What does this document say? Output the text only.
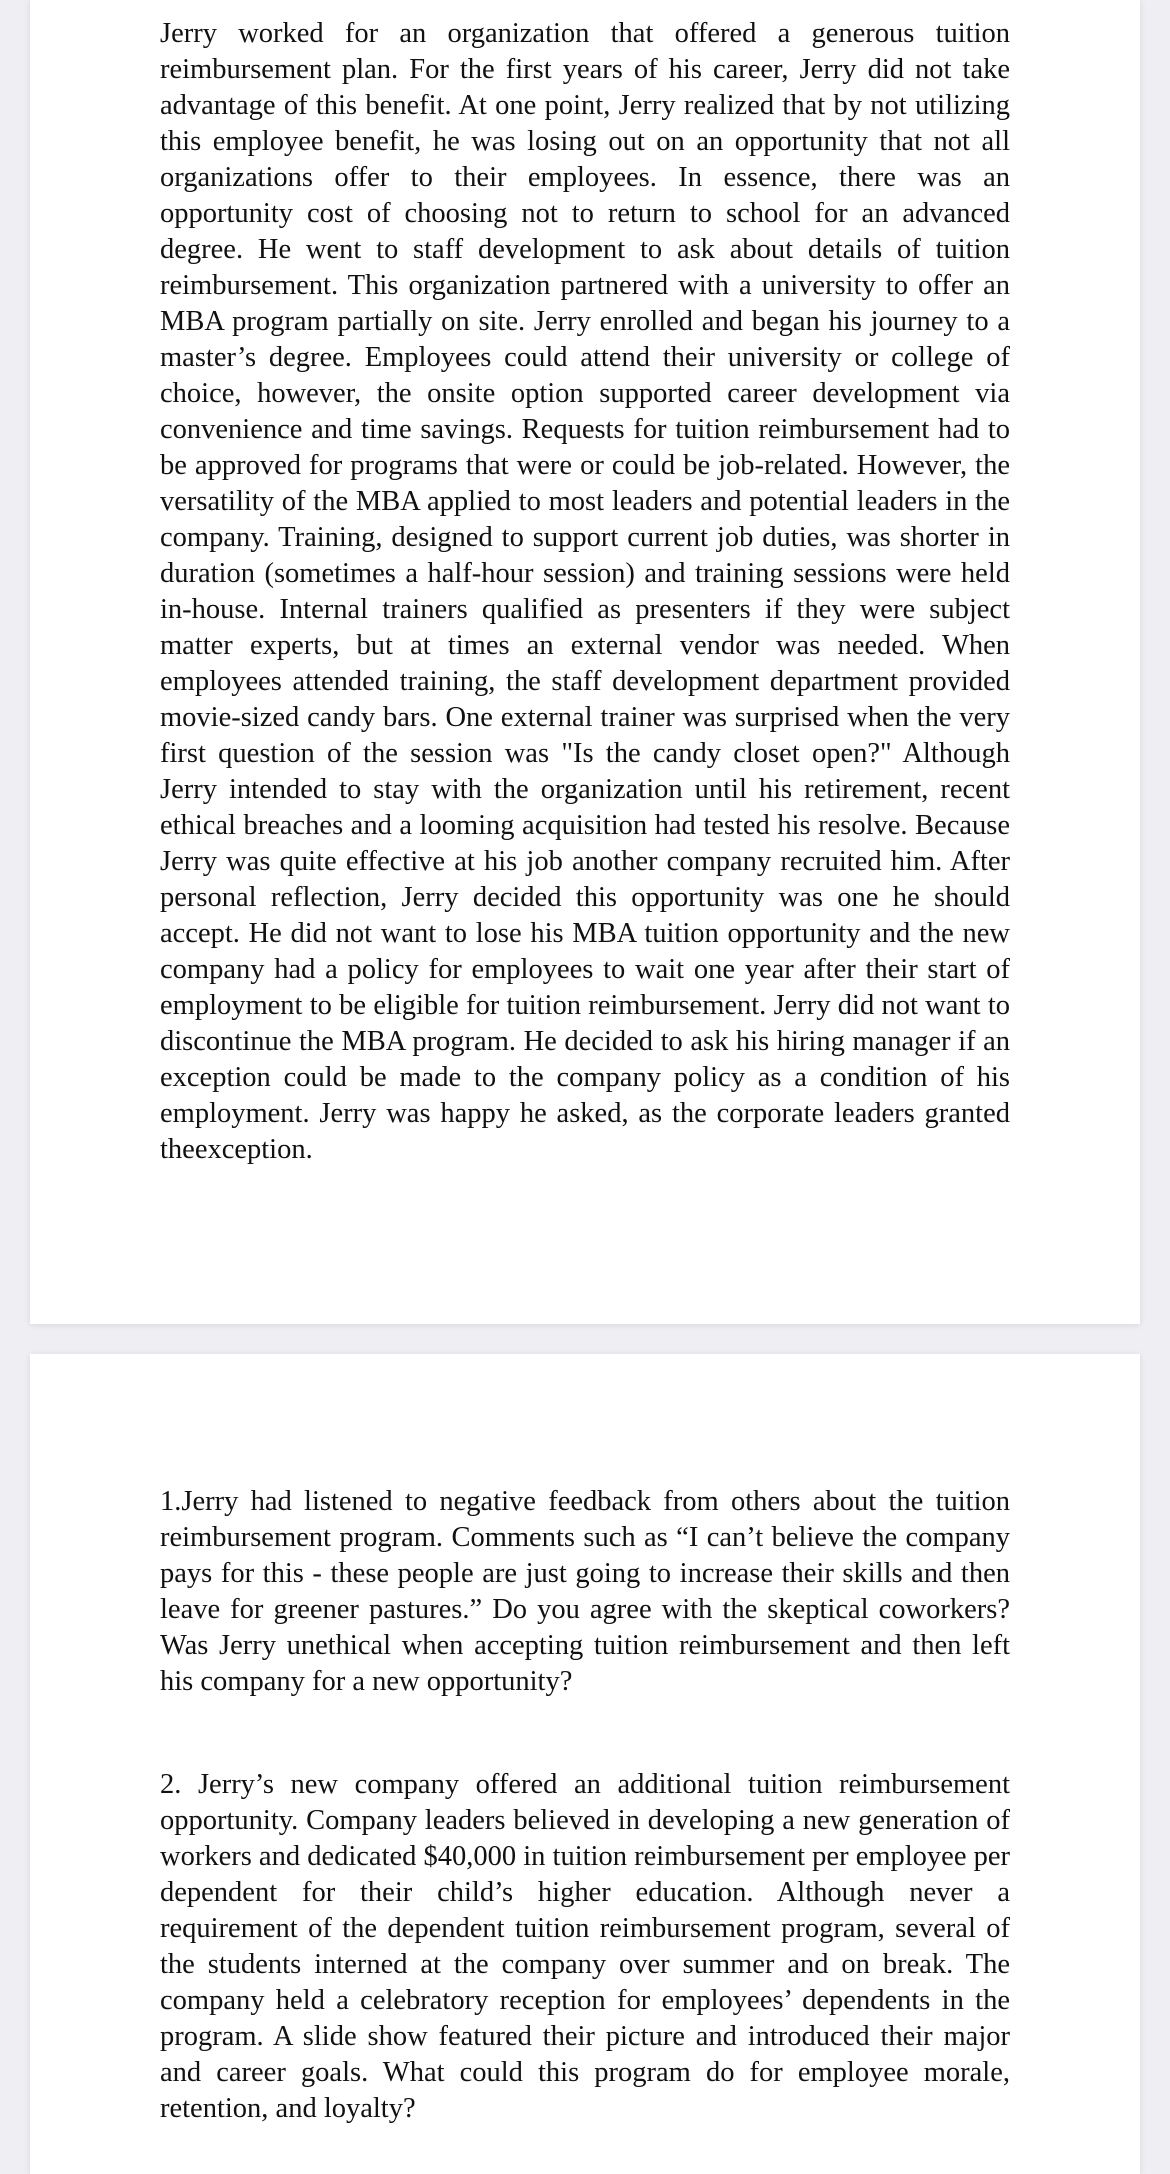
Jerry worked for an organization that offered a generous tuition reimbursement plan. For the first years of his career, Jerry did not take advantage of this benefit. At one point, Jerry realized that by not utilizing this employee benefit, he was losing out on an opportunity that not all organizations offer to their employees. In essence, there was an opportunity cost of choosing not to return to school for an advanced degree. He went to staff development to ask about details of tuition reimbursement. This organization partnered with a university to offer an MBA program partially on site. Jerry enrolled and began his journey to a master’s degree. Employees could attend their university or college of choice, however, the onsite option supported career development via convenience and time savings. Requests for tuition reimbursement had to be approved for programs that were or could be job-related. However, the versatility of the MBA applied to most leaders and potential leaders in the company. Training, designed to support current job duties, was shorter in duration (sometimes a half-hour session) and training sessions were held in-house. Internal trainers qualified as presenters if they were subject matter experts, but at times an external vendor was needed. When employees attended training, the staff development department provided movie-sized candy bars. One external trainer was surprised when the very first question of the session was "Is the candy closet open?" Although Jerry intended to stay with the organization until his retirement, recent ethical breaches and a looming acquisition had tested his resolve. Because Jerry was quite effective at his job another company recruited him. After personal reflection, Jerry decided this opportunity was one he should accept. He did not want to lose his MBA tuition opportunity and the new company had a policy for employees to wait one year after their start of employment to be eligible for tuition reimbursement. Jerry did not want to discontinue the MBA program. He decided to ask his hiring manager if an exception could be made to the company policy as a condition of his employment. Jerry was happy he asked, as the corporate leaders granted theexception.

1.Jerry had listened to negative feedback from others about the tuition reimbursement program. Comments such as “I can’t believe the company pays for this - these people are just going to increase their skills and then leave for greener pastures.” Do you agree with the skeptical coworkers? Was Jerry unethical when accepting tuition reimbursement and then left his company for a new opportunity?

2. Jerry’s new company offered an additional tuition reimbursement opportunity. Company leaders believed in developing a new generation of workers and dedicated $40,000 in tuition reimbursement per employee per dependent for their child’s higher education. Although never a requirement of the dependent tuition reimbursement program, several of the students interned at the company over summer and on break. The company held a celebratory reception for employees’ dependents in the program. A slide show featured their picture and introduced their major and career goals. What could this program do for employee morale, retention, and loyalty?
